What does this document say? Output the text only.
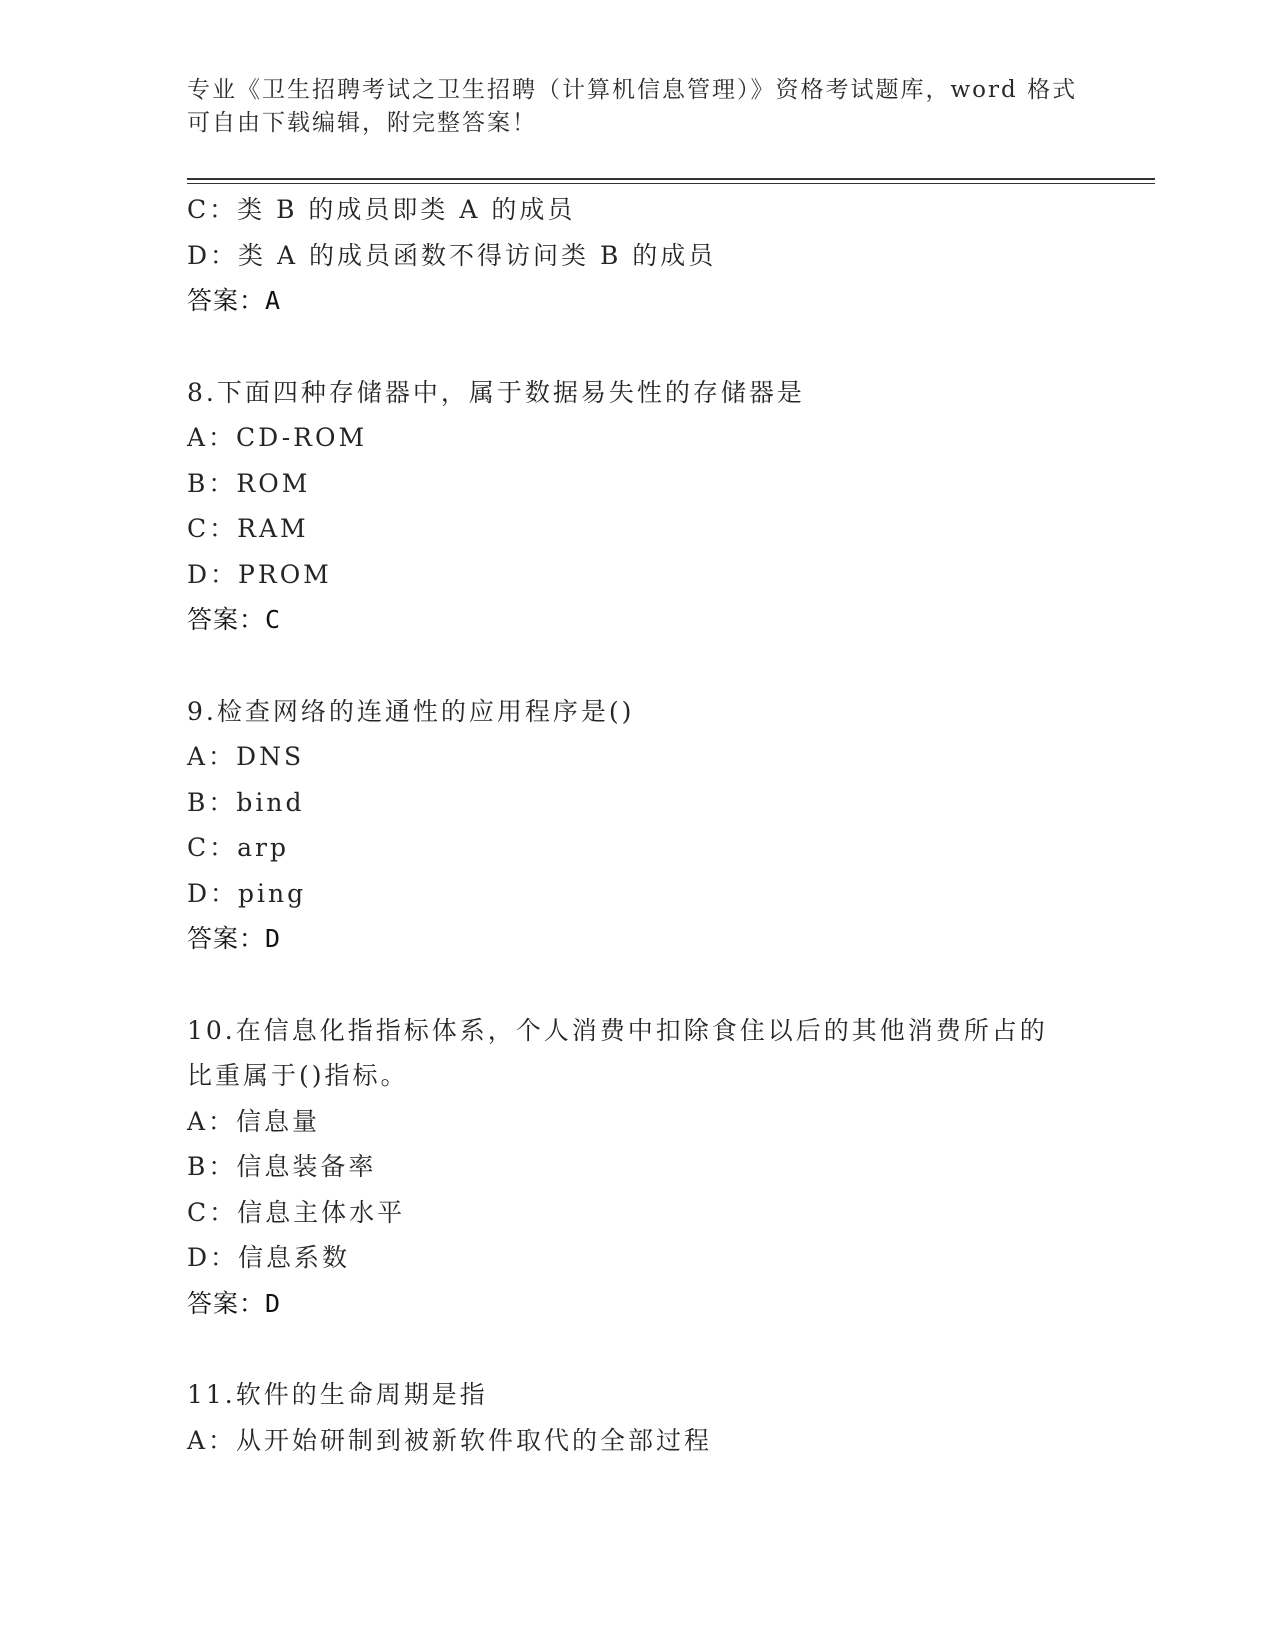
专业《卫生招聘考试之卫生招聘（计算机信息管理）》资格考试题库，word 格式
可自由下载编辑，附完整答案！
C：类 B 的成员即类 A 的成员
D：类 A 的成员函数不得访问类 B 的成员
答案：A
8.下面四种存储器中，属于数据易失性的存储器是
A：CD-ROM
B：ROM
C：RAM
D：PROM
答案：C
9.检查网络的连通性的应用程序是()
A：DNS
B：bind
C：arp
D：ping
答案：D
10.在信息化指指标体系，个人消费中扣除食住以后的其他消费所占的
比重属于()指标。
A：信息量
B：信息装备率
C：信息主体水平
D：信息系数
答案：D
11.软件的生命周期是指
A：从开始研制到被新软件取代的全部过程
